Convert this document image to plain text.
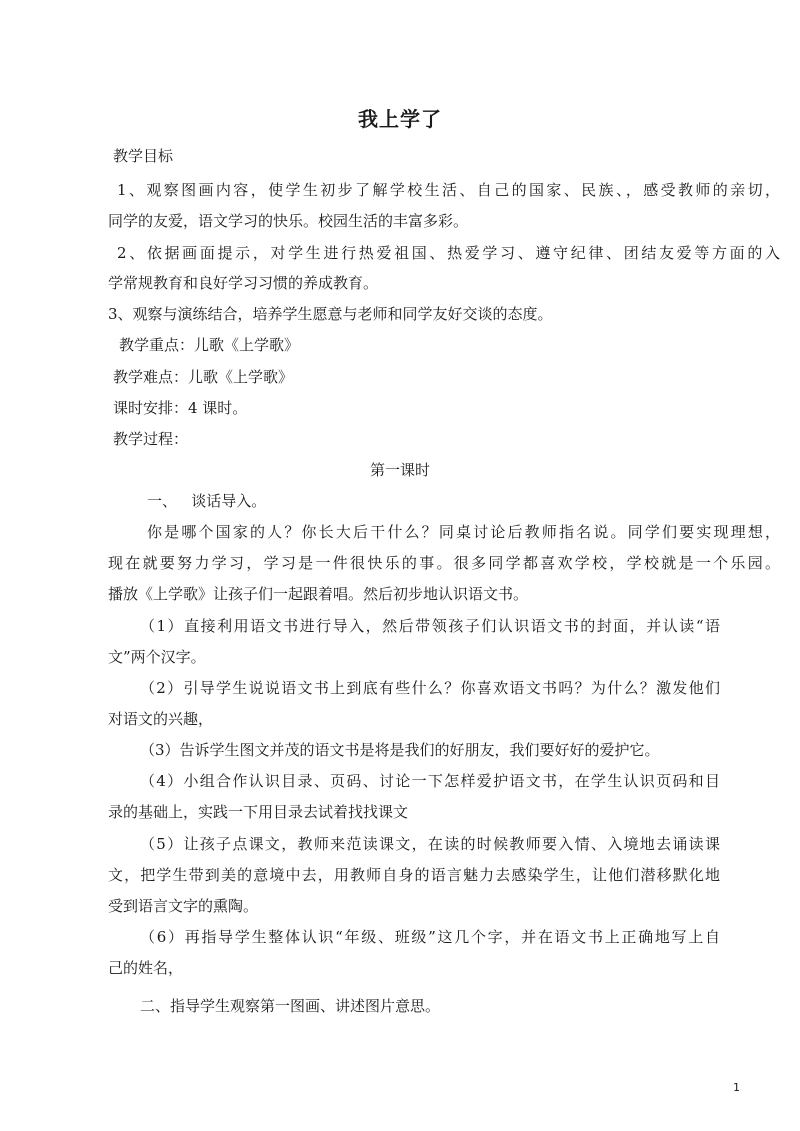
我上学了
教学目标
1、观察图画内容，使学生初步了解学校生活、自己的国家、民族、，感受教师的亲切，
同学的友爱，语文学习的快乐。校园生活的丰富多彩。
2、依据画面提示，对学生进行热爱祖国、热爱学习、遵守纪律、团结友爱等方面的入
学常规教育和良好学习习惯的养成教育。
3、观察与演练结合，培养学生愿意与老师和同学友好交谈的态度。
教学重点：儿歌《上学歌》
教学难点：儿歌《上学歌》
课时安排：4 课时。
教学过程：
第一课时
一、   谈话导入。
你是哪个国家的人？你长大后干什么？同桌讨论后教师指名说。同学们要实现理想，
现在就要努力学习，学习是一件很快乐的事。很多同学都喜欢学校，学校就是一个乐园。
播放《上学歌》让孩子们一起跟着唱。然后初步地认识语文书。
（1）直接利用语文书进行导入，然后带领孩子们认识语文书的封面，并认读“语
文”两个汉字。
（2）引导学生说说语文书上到底有些什么？你喜欢语文书吗？为什么？激发他们
对语文的兴趣，
（3）告诉学生图文并茂的语文书是将是我们的好朋友，我们要好好的爱护它。
（4）小组合作认识目录、页码、讨论一下怎样爱护语文书，在学生认识页码和目
录的基础上，实践一下用目录去试着找找课文
（5）让孩子点课文，教师来范读课文，在读的时候教师要入情、入境地去诵读课
文，把学生带到美的意境中去，用教师自身的语言魅力去感染学生，让他们潜移默化地
受到语言文字的熏陶。
（6）再指导学生整体认识“年级、班级”这几个字，并在语文书上正确地写上自
己的姓名，
二、指导学生观察第一图画、讲述图片意思。
1
